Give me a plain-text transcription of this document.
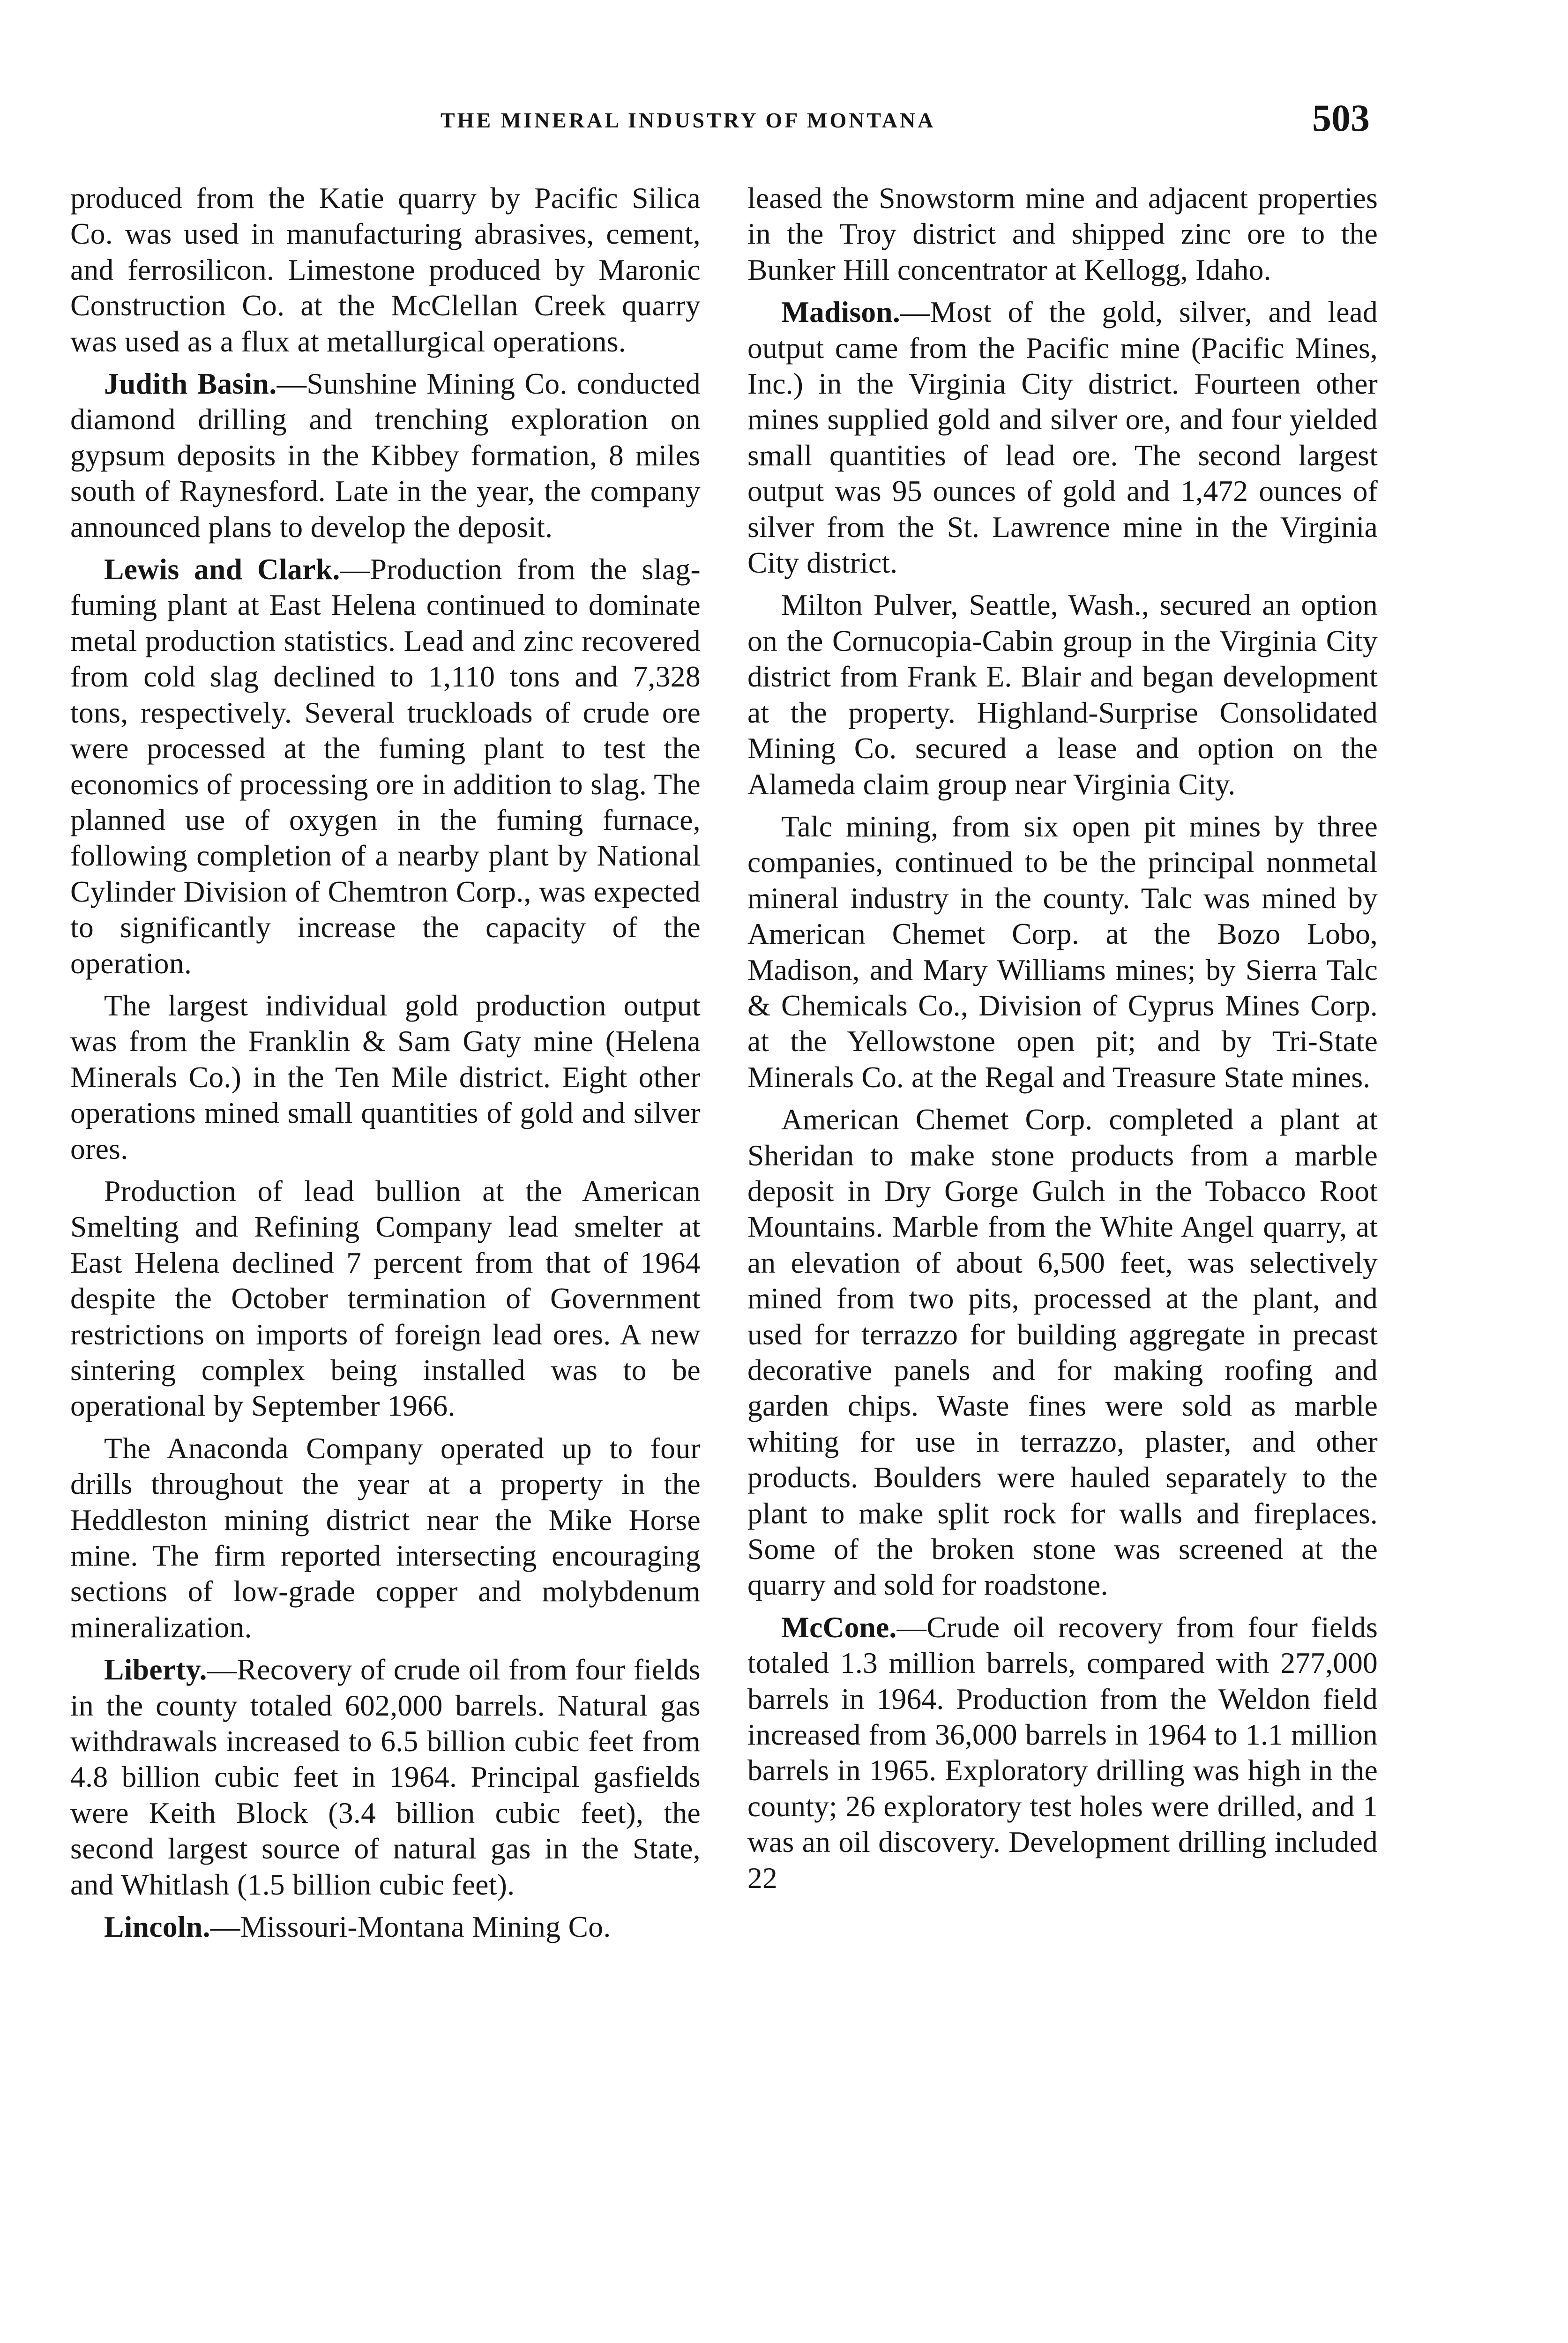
THE MINERAL INDUSTRY OF MONTANA	503

produced from the Katie quarry by Pacific Silica Co. was used in manufacturing abrasives, cement, and ferrosilicon. Limestone produced by Maronic Construction Co. at the McClellan Creek quarry was used as a flux at metallurgical operations.

Judith Basin.—Sunshine Mining Co. conducted diamond drilling and trenching exploration on gypsum deposits in the Kibbey formation, 8 miles south of Raynesford. Late in the year, the company announced plans to develop the deposit.

Lewis and Clark.—Production from the slag-fuming plant at East Helena continued to dominate metal production statistics. Lead and zinc recovered from cold slag declined to 1,110 tons and 7,328 tons, respectively. Several truckloads of crude ore were processed at the fuming plant to test the economics of processing ore in addition to slag. The planned use of oxygen in the fuming furnace, following completion of a nearby plant by National Cylinder Division of Chemtron Corp., was expected to significantly increase the capacity of the operation.

The largest individual gold production output was from the Franklin & Sam Gaty mine (Helena Minerals Co.) in the Ten Mile district. Eight other operations mined small quantities of gold and silver ores.

Production of lead bullion at the American Smelting and Refining Company lead smelter at East Helena declined 7 percent from that of 1964 despite the October termination of Government restrictions on imports of foreign lead ores. A new sintering complex being installed was to be operational by September 1966.

The Anaconda Company operated up to four drills throughout the year at a property in the Heddleston mining district near the Mike Horse mine. The firm reported intersecting encouraging sections of low-grade copper and molybdenum mineralization.

Liberty.—Recovery of crude oil from four fields in the county totaled 602,000 barrels. Natural gas withdrawals increased to 6.5 billion cubic feet from 4.8 billion cubic feet in 1964. Principal gasfields were Keith Block (3.4 billion cubic feet), the second largest source of natural gas in the State, and Whitlash (1.5 billion cubic feet).

Lincoln.—Missouri-Montana Mining Co.

leased the Snowstorm mine and adjacent properties in the Troy district and shipped zinc ore to the Bunker Hill concentrator at Kellogg, Idaho.

Madison.—Most of the gold, silver, and lead output came from the Pacific mine (Pacific Mines, Inc.) in the Virginia City district. Fourteen other mines supplied gold and silver ore, and four yielded small quantities of lead ore. The second largest output was 95 ounces of gold and 1,472 ounces of silver from the St. Lawrence mine in the Virginia City district.

Milton Pulver, Seattle, Wash., secured an option on the Cornucopia-Cabin group in the Virginia City district from Frank E. Blair and began development at the property. Highland-Surprise Consolidated Mining Co. secured a lease and option on the Alameda claim group near Virginia City.

Talc mining, from six open pit mines by three companies, continued to be the principal nonmetal mineral industry in the county. Talc was mined by American Chemet Corp. at the Bozo Lobo, Madison, and Mary Williams mines; by Sierra Talc & Chemicals Co., Division of Cyprus Mines Corp. at the Yellowstone open pit; and by Tri-State Minerals Co. at the Regal and Treasure State mines.

American Chemet Corp. completed a plant at Sheridan to make stone products from a marble deposit in Dry Gorge Gulch in the Tobacco Root Mountains. Marble from the White Angel quarry, at an elevation of about 6,500 feet, was selectively mined from two pits, processed at the plant, and used for terrazzo for building aggregate in precast decorative panels and for making roofing and garden chips. Waste fines were sold as marble whiting for use in terrazzo, plaster, and other products. Boulders were hauled separately to the plant to make split rock for walls and fireplaces. Some of the broken stone was screened at the quarry and sold for roadstone.

McCone.—Crude oil recovery from four fields totaled 1.3 million barrels, compared with 277,000 barrels in 1964. Production from the Weldon field increased from 36,000 barrels in 1964 to 1.1 million barrels in 1965. Exploratory drilling was high in the county; 26 exploratory test holes were drilled, and 1 was an oil discovery. Development drilling included 22
